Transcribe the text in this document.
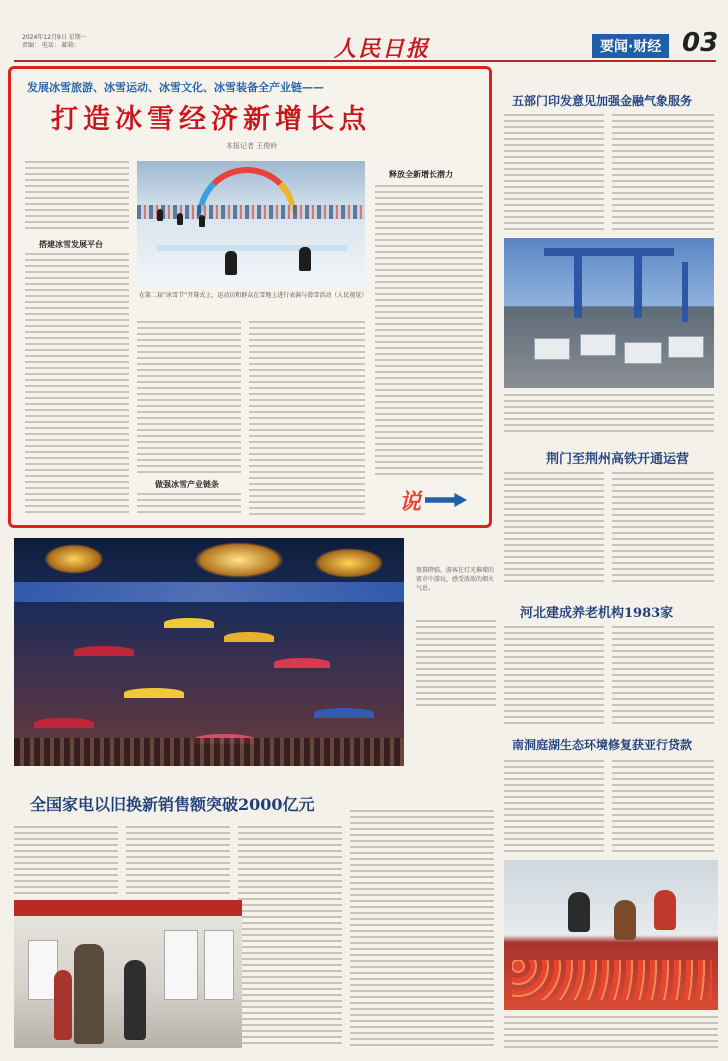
2024年12月9日 星期一
责编： 电话： 邮箱：	人民日报	要闻·财经 03
发展冰雪旅游、冰雪运动、冰雪文化、冰雪装备全产业链——
打造冰雪经济新增长点
本报记者 王俊岭
搭建冰雪发展平台
在第二届“冰雪节”开幕式上，运动员和群众在雪地上进行表演与滑雪活动（人民视觉）
做强冰雪产业链条
释放全新增长潜力
说
五部门印发意见加强金融气象服务
荆门至荆州高铁开通运营
河北建成养老机构1983家
南洞庭湖生态环境修复获亚行贷款
夜幕降临，游客在灯光璀璨的夜市中游玩，感受浓浓的烟火气息。
全国家电以旧换新销售额突破2000亿元
